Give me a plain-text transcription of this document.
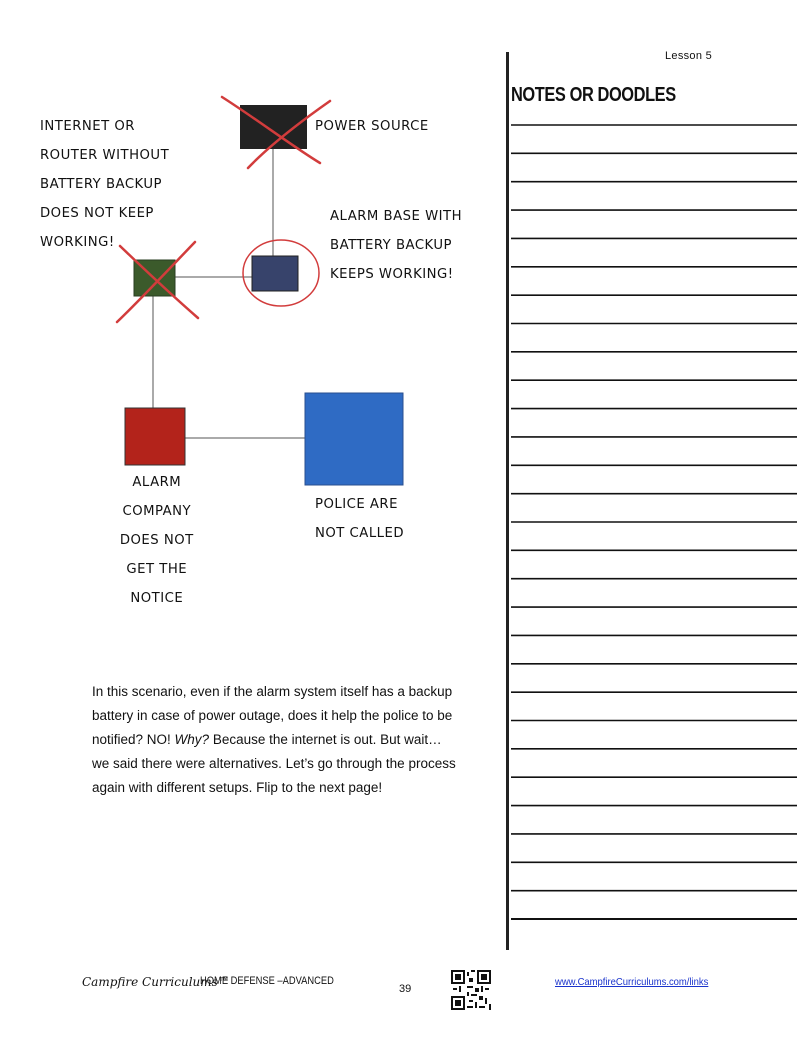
Lesson 5
NOTES OR DOODLES
INTERNET OR
ROUTER WITHOUT
BATTERY BACKUP
DOES NOT KEEP
WORKING!
POWER SOURCE
ALARM BASE WITH
BATTERY BACKUP
KEEPS WORKING!
ALARM
COMPANY
DOES NOT
GET THE
NOTICE
POLICE ARE
NOT CALLED

In this scenario, even if the alarm system itself has a backup

battery in case of power outage, does it help the police to be

notified? NO! Why? Because the internet is out. But wait…

we said there were alternatives. Let’s go through the process

again with different setups. Flip to the next page!

Campfire Curriculums™
HOME DEFENSE –ADVANCED
39
www.CampfireCurriculums.com/links
